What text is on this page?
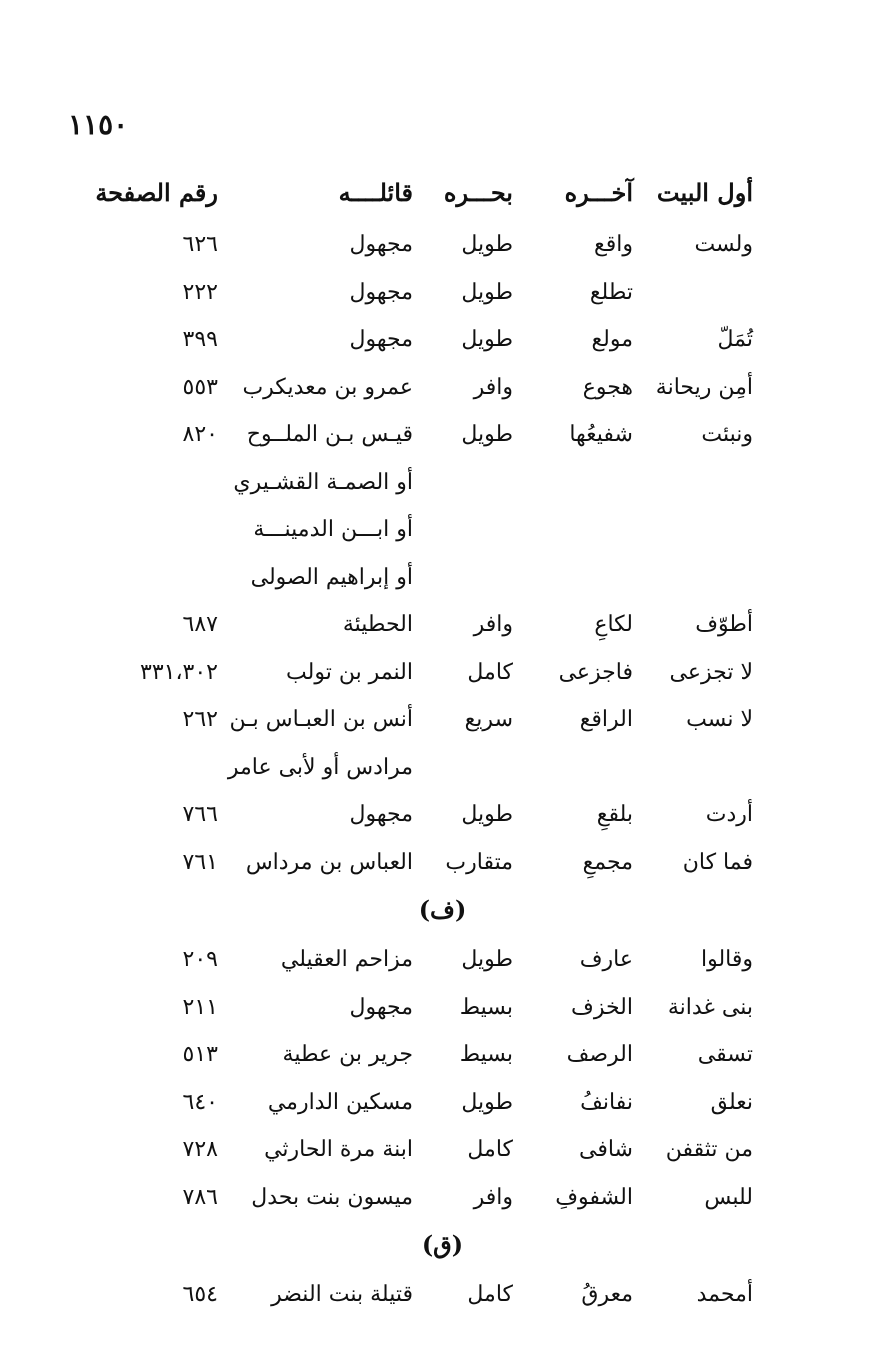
١١٥٠
أول البيت
آخـــره
بحـــره
قائلــــه
رقم الصفحة
ولست
واقع
طويل
مجهول
٦٢٦
تطلع
طويل
مجهول
٢٢٢
تُمَلّ
مولع
طويل
مجهول
٣٩٩
أمِن ريحانة
هجوع
وافر
عمرو بن معديكرب
٥٥٣
ونبئت
شفيعُها
طويل
قيـس بـن الملــوح
٨٢٠
أو الصمـة القشـيري
أو ابـــن الدمينـــة
أو إبراهيم الصولى
أطوّف
لكاعِ
وافر
الحطيئة
٦٨٧
لا تجزعى
فاجزعى
كامل
النمر بن تولب
٣٣١،٣٠٢
لا نسب
الراقع
سريع
أنس بن العبـاس بـن
٢٦٢
مرادس أو لأبى عامر
أردت
بلقعِ
طويل
مجهول
٧٦٦
فما كان
مجمعِ
متقارب
العباس بن مرداس
٧٦١
(ف)
وقالوا
عارف
طويل
مزاحم العقيلي
٢٠٩
بنى غدانة
الخزف
بسيط
مجهول
٢١١
تسقى
الرصف
بسيط
جرير بن عطية
٥١٣
نعلق
نفانفُ
طويل
مسكين الدارمي
٦٤٠
من تثقفن
شافى
كامل
ابنة مرة الحارثي
٧٢٨
للبس
الشفوفِ
وافر
ميسون بنت بحدل
٧٨٦
(ق)
أمحمد
معرقُ
كامل
قتيلة بنت النضر
٦٥٤
